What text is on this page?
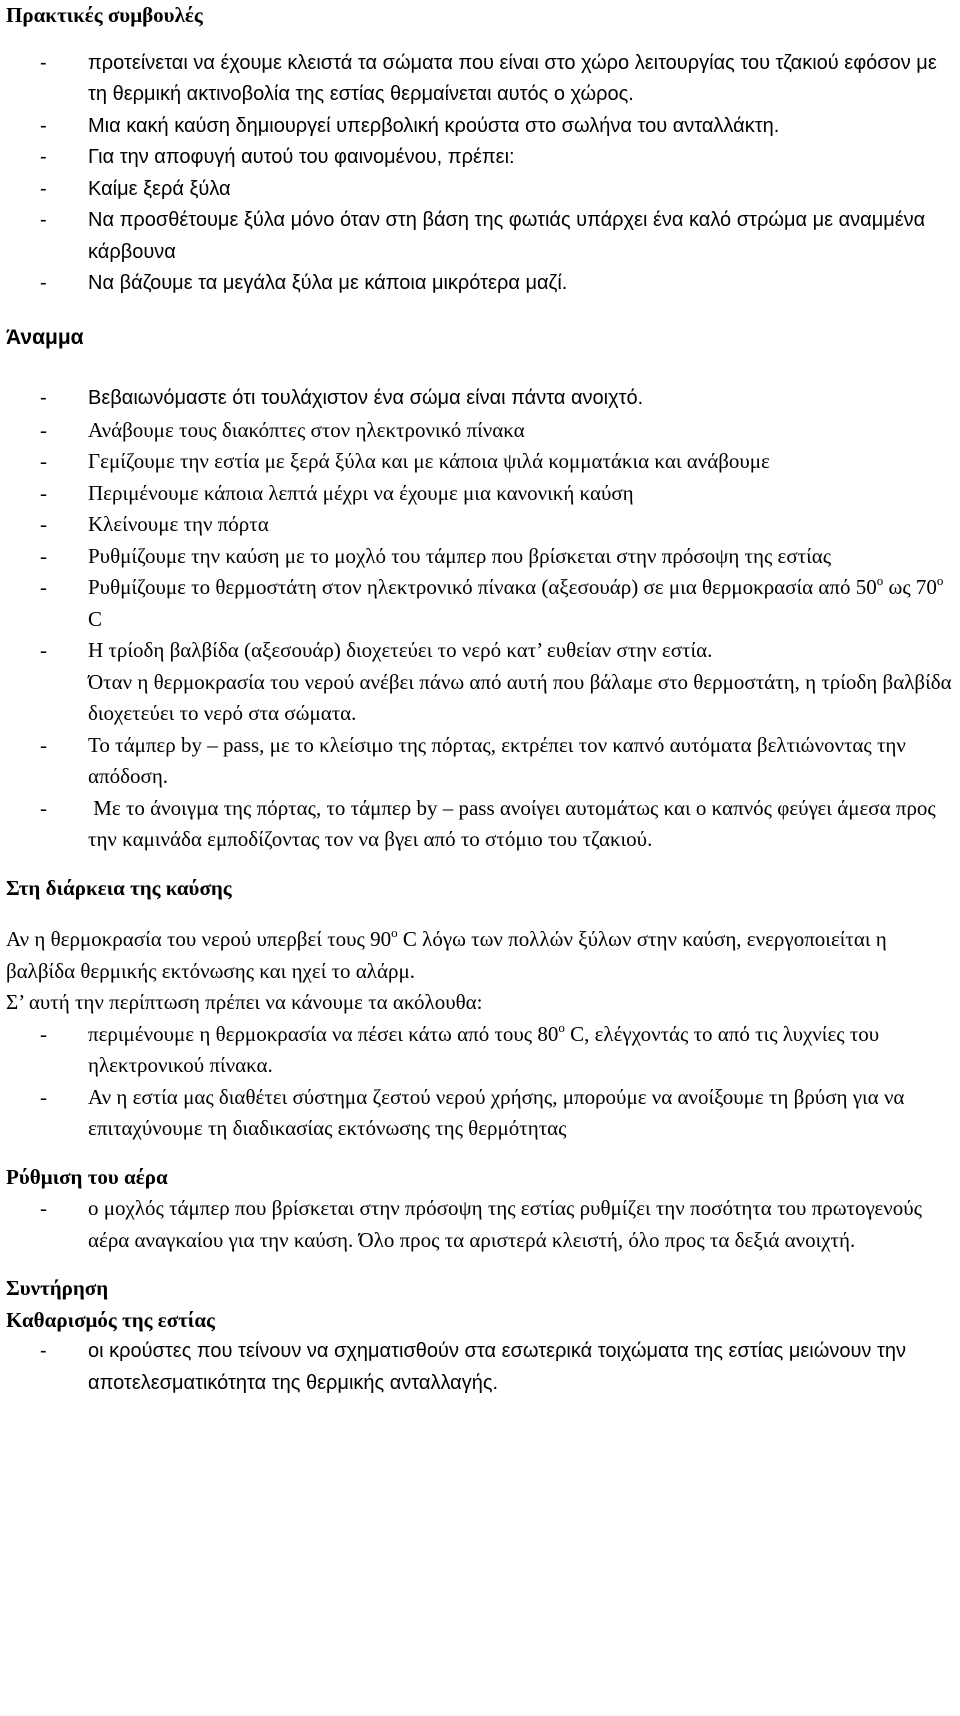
Πρακτικές συμβουλές

- προτείνεται να έχουμε κλειστά τα σώματα που είναι στο χώρο λειτουργίας του τζακιού εφόσον με τη θερμική ακτινοβολία της εστίας θερμαίνεται αυτός ο χώρος.
- Μια κακή καύση δημιουργεί υπερβολική κρούστα στο σωλήνα του ανταλλάκτη.
- Για την αποφυγή αυτού του φαινομένου, πρέπει:
- Καίμε ξερά ξύλα
- Να προσθέτουμε ξύλα μόνο όταν στη βάση της φωτιάς υπάρχει ένα καλό στρώμα με αναμμένα κάρβουνα
- Να βάζουμε τα μεγάλα ξύλα με κάποια μικρότερα μαζί.

Άναμμα

- Βεβαιωνόμαστε ότι τουλάχιστον ένα σώμα είναι πάντα ανοιχτό.
- Ανάβουμε τους διακόπτες στον ηλεκτρονικό πίνακα
- Γεμίζουμε την εστία με ξερά ξύλα και με κάποια ψιλά κομματάκια και ανάβουμε
- Περιμένουμε κάποια λεπτά μέχρι να έχουμε μια κανονική καύση
- Κλείνουμε την πόρτα
- Ρυθμίζουμε την καύση με το μοχλό του τάμπερ που βρίσκεται στην πρόσοψη της εστίας
- Ρυθμίζουμε το θερμοστάτη στον ηλεκτρονικό πίνακα (αξεσουάρ) σε μια θερμοκρασία από $50^o$ ως $70^o$ C
- Η τρίοδη βαλβίδα (αξεσουάρ) διοχετεύει το νερό κατ’ ευθείαν στην εστία.

Όταν η θερμοκρασία του νερού ανέβει πάνω από αυτή που βάλαμε στο θερμοστάτη, η τρίοδη βαλβίδα διοχετεύει το νερό στα σώματα.

- Το τάμπερ by – pass, με το κλείσιμο της πόρτας, εκτρέπει τον καπνό αυτόματα βελτιώνοντας την απόδοση.
-  Με το άνοιγμα της πόρτας, το τάμπερ by – pass ανοίγει αυτομάτως και ο καπνός φεύγει άμεσα προς την καμινάδα εμποδίζοντας τον να βγει από το στόμιο του τζακιού.

Στη διάρκεια της καύσης

Αν η θερμοκρασία του νερού υπερβεί τους $90^o$ C λόγω των πολλών ξύλων στην καύση, ενεργοποιείται η βαλβίδα θερμικής εκτόνωσης και ηχεί το αλάρμ.

Σ’ αυτή την περίπτωση πρέπει να κάνουμε τα ακόλουθα:

- περιμένουμε η θερμοκρασία να πέσει κάτω από τους $80^o$ C, ελέγχοντάς το από τις λυχνίες του ηλεκτρονικού πίνακα.
- Αν η εστία μας διαθέτει σύστημα ζεστού νερού χρήσης, μπορούμε να ανοίξουμε τη βρύση για να επιταχύνουμε τη διαδικασίας εκτόνωσης της θερμότητας

Ρύθμιση του αέρα

- ο μοχλός τάμπερ που βρίσκεται στην πρόσοψη της εστίας ρυθμίζει την ποσότητα του πρωτογενούς αέρα αναγκαίου για την καύση. Όλο προς τα αριστερά κλειστή, όλο προς τα δεξιά ανοιχτή.

Συντήρηση

Καθαρισμός της εστίας

- οι κρούστες που τείνουν να σχηματισθούν στα εσωτερικά τοιχώματα της εστίας μειώνουν την αποτελεσματικότητα της θερμικής ανταλλαγής.
